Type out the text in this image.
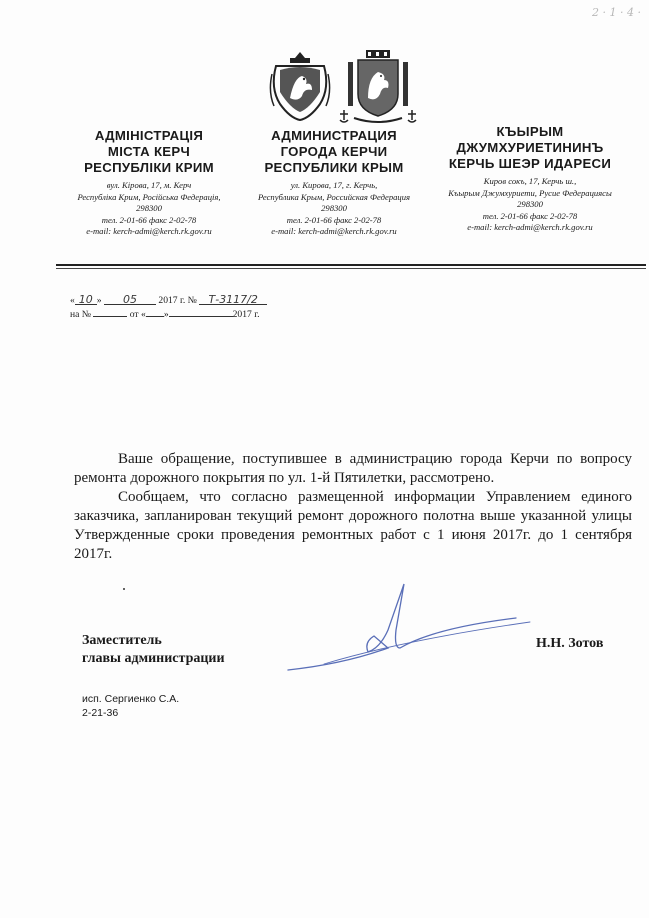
2 · 1 · 4 ·
АДМІНІСТРАЦІЯ
МІСТА КЕРЧ
РЕСПУБЛІКИ КРИМ

вул. Кірова, 17, м. Керч

Республіка Крим, Російська Федерація,

298300

тел. 2-01-66 факс 2-02-78

e-mail: kerch-admi@kerch.rk.gov.ru

АДМИНИСТРАЦИЯ
ГОРОДА КЕРЧИ
РЕСПУБЛИКИ КРЫМ

ул. Кирова, 17, г. Керчь,

Республика Крым, Российская Федерация

298300

тел. 2-01-66 факс 2-02-78

e-mail: kerch-admi@kerch.rk.gov.ru

КЪЫРЫМ
ДЖУМХУРИЕТИНИНЪ
КЕРЧЬ ШЕЭР ИДАРЕСИ

Киров сокъ, 17, Керчь ш.,

Къырым Джумхуриети, Русие Федерациясы

298300

тел. 2-01-66 факс 2-02-78

e-mail: kerch-admi@kerch.rk.gov.ru

« 10 » 05 2017 г. № Т-3117/2
на №	от « »	2017 г.

Ваше обращение, поступившее в администрацию города Керчи по вопросу ремонта дорожного покрытия по ул. 1-й Пятилетки, рассмотрено.

Сообщаем, что согласно размещенной информации Управлением единого заказчика, запланирован текущий ремонт дорожного полотна выше указанной улицы Утвержденные сроки проведения ремонтных работ с 1 июня 2017г. до 1 сентября 2017г.

Заместитель
главы администрации
Н.Н. Зотов
исп. Сергиенко С.А.
2-21-36
